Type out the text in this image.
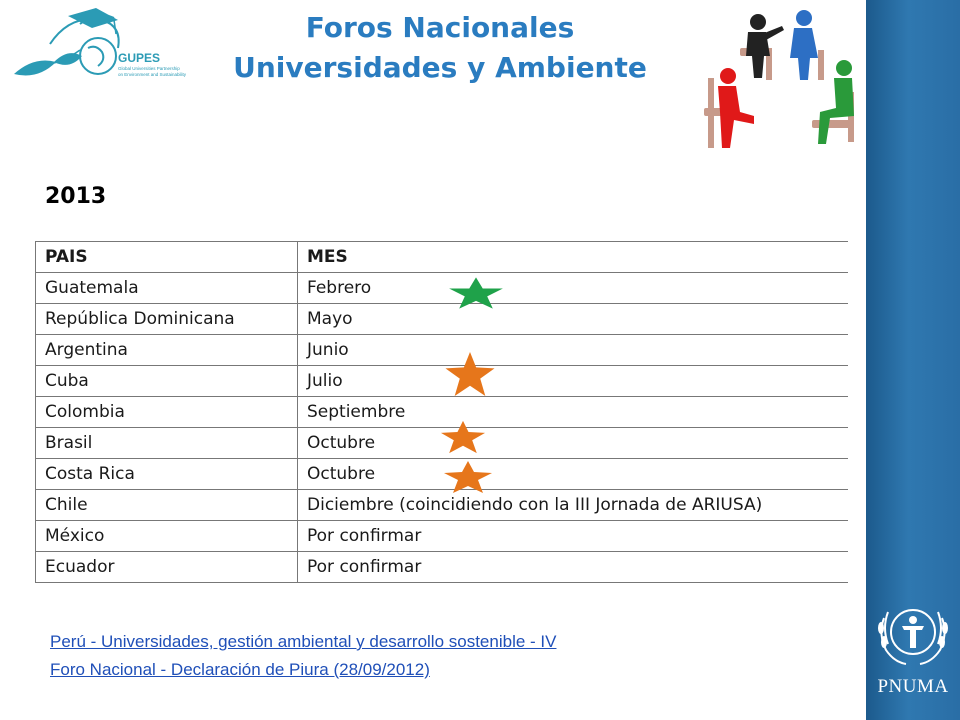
PNUMA
GUPES
Global Universities Partnership
on Environment and Sustainability
Foros Nacionales
Universidades y Ambiente
2013
PAIS	MES
Guatemala	Febrero
República Dominicana	Mayo
Argentina	Junio
Cuba	Julio
Colombia	Septiembre
Brasil	Octubre
Costa Rica	Octubre
Chile	Diciembre (coincidiendo con la III Jornada de ARIUSA)
México	Por confirmar
Ecuador	Por confirmar
Perú - Universidades, gestión ambiental y desarrollo sostenible - IV
Foro Nacional - Declaración de Piura (28/09/2012)
